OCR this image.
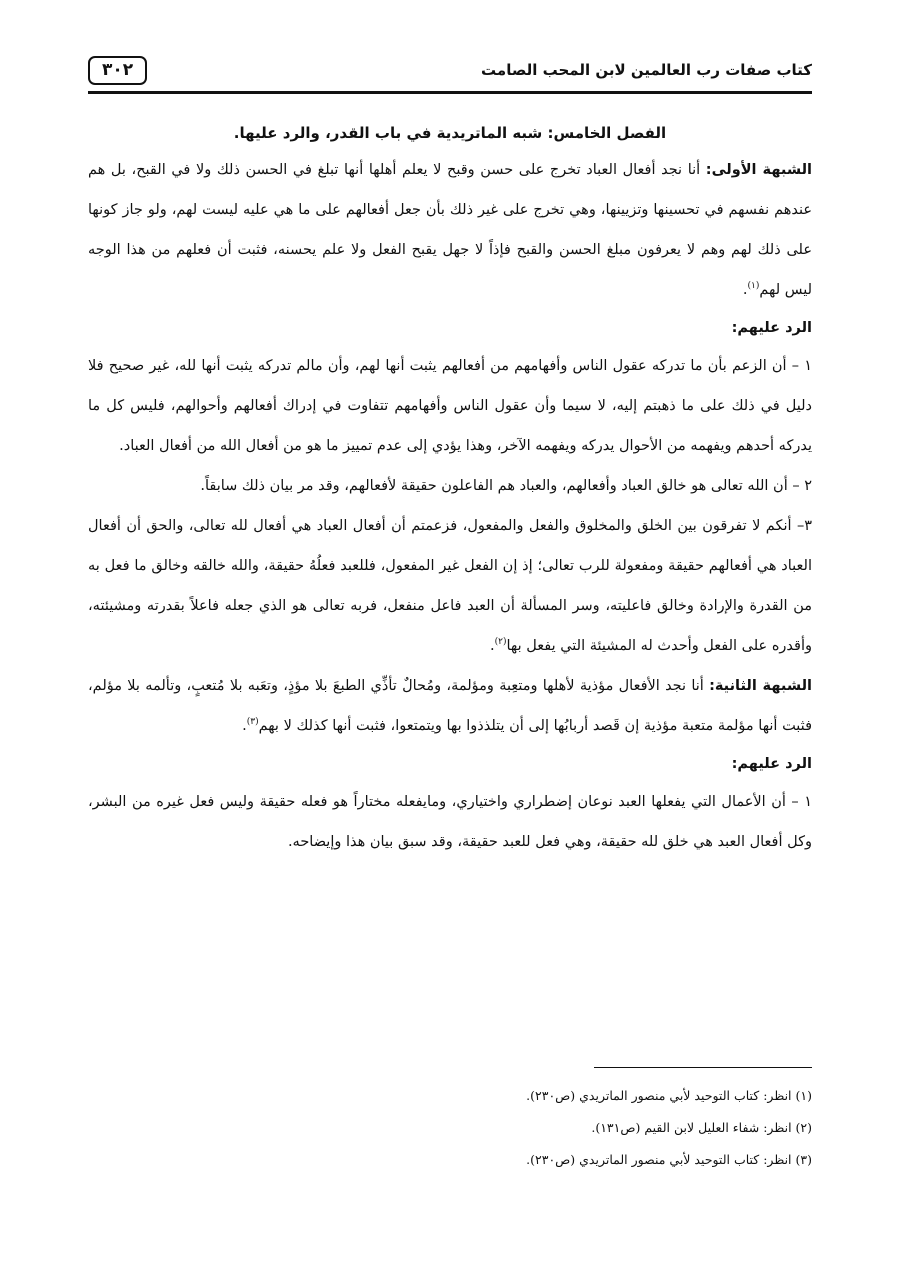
كتاب صفات رب العالمين لابن المحب الصامت
٣٠٢
الفصل الخامس: شبه الماتريدية في باب القدر، والرد عليها.

الشبهة الأولى: أنا نجد أفعال العباد تخرج على حسن وقبح لا يعلم أهلها أنها تبلغ في الحسن ذلك ولا في القبح، بل هم عندهم نفسهم في تحسينها وتزيينها، وهي تخرج على غير ذلك بأن جعل أفعالهم على ما هي عليه ليست لهم، ولو جاز كونها على ذلك لهم وهم لا يعرفون مبلغ الحسن والقبح فإذاً لا جهل يقبح الفعل ولا علم يحسنه، فثبت أن فعلهم من هذا الوجه ليس لهم$^{(١)}$.

الرد عليهم:

١ – أن الزعم بأن ما تدركه عقول الناس وأفهامهم من أفعالهم يثبت أنها لهم، وأن مالم تدركه يثبت أنها لله، غير صحيح فلا دليل في ذلك على ما ذهبتم إليه، لا سيما وأن عقول الناس وأفهامهم تتفاوت في إدراك أفعالهم وأحوالهم، فليس كل ما يدركه أحدهم ويفهمه من الأحوال يدركه ويفهمه الآخر، وهذا يؤدي إلى عدم تمييز ما هو من أفعال الله من أفعال العباد.

٢ – أن الله تعالى هو خالق العباد وأفعالهم، والعباد هم الفاعلون حقيقة لأفعالهم، وقد مر بيان ذلك سابقاً.

٣– أنكم لا تفرقون بين الخلق والمخلوق والفعل والمفعول، فزعمتم أن أفعال العباد هي أفعال لله تعالى، والحق أن أفعال العباد هي أفعالهم حقيقة ومفعولة للرب تعالى؛ إذ إن الفعل غير المفعول، فللعبد فعلُهُ حقيقة، والله خالقه وخالق ما فعل به من القدرة والإرادة وخالق فاعليته، وسر المسألة أن العبد فاعل منفعل، فربه تعالى هو الذي جعله فاعلاً بقدرته ومشيئته، وأقدره على الفعل وأحدث له المشيئة التي يفعل بها$^{(٢)}$.

الشبهة الثانية: أنا نجد الأفعال مؤذية لأهلها ومتعِبة ومؤلمة، ومُحالٌ تأذِّي الطبعَ بلا مؤذٍ، وتعَبه بلا مُتعبٍ، وتألمه بلا مؤلم، فثبت أنها مؤلمة متعبة مؤذية إن قَصد أربابُها إلى أن يتلذذوا بها ويتمتعوا، فثبت أنها كذلك لا بهم$^{(٣)}$.

الرد عليهم:

١ – أن الأعمال التي يفعلها العبد نوعان إضطراري واختياري، ومايفعله مختاراً هو فعله حقيقة وليس فعل غيره من البشر، وكل أفعال العبد هي خلق لله حقيقة، وهي فعل للعبد حقيقة، وقد سبق بيان هذا وإيضاحه.

(١) انظر: كتاب التوحيد لأبي منصور الماتريدي (ص٢٣٠).

(٢) انظر: شفاء العليل لابن القيم (ص١٣١).

(٣) انظر: كتاب التوحيد لأبي منصور الماتريدي (ص٢٣٠).
